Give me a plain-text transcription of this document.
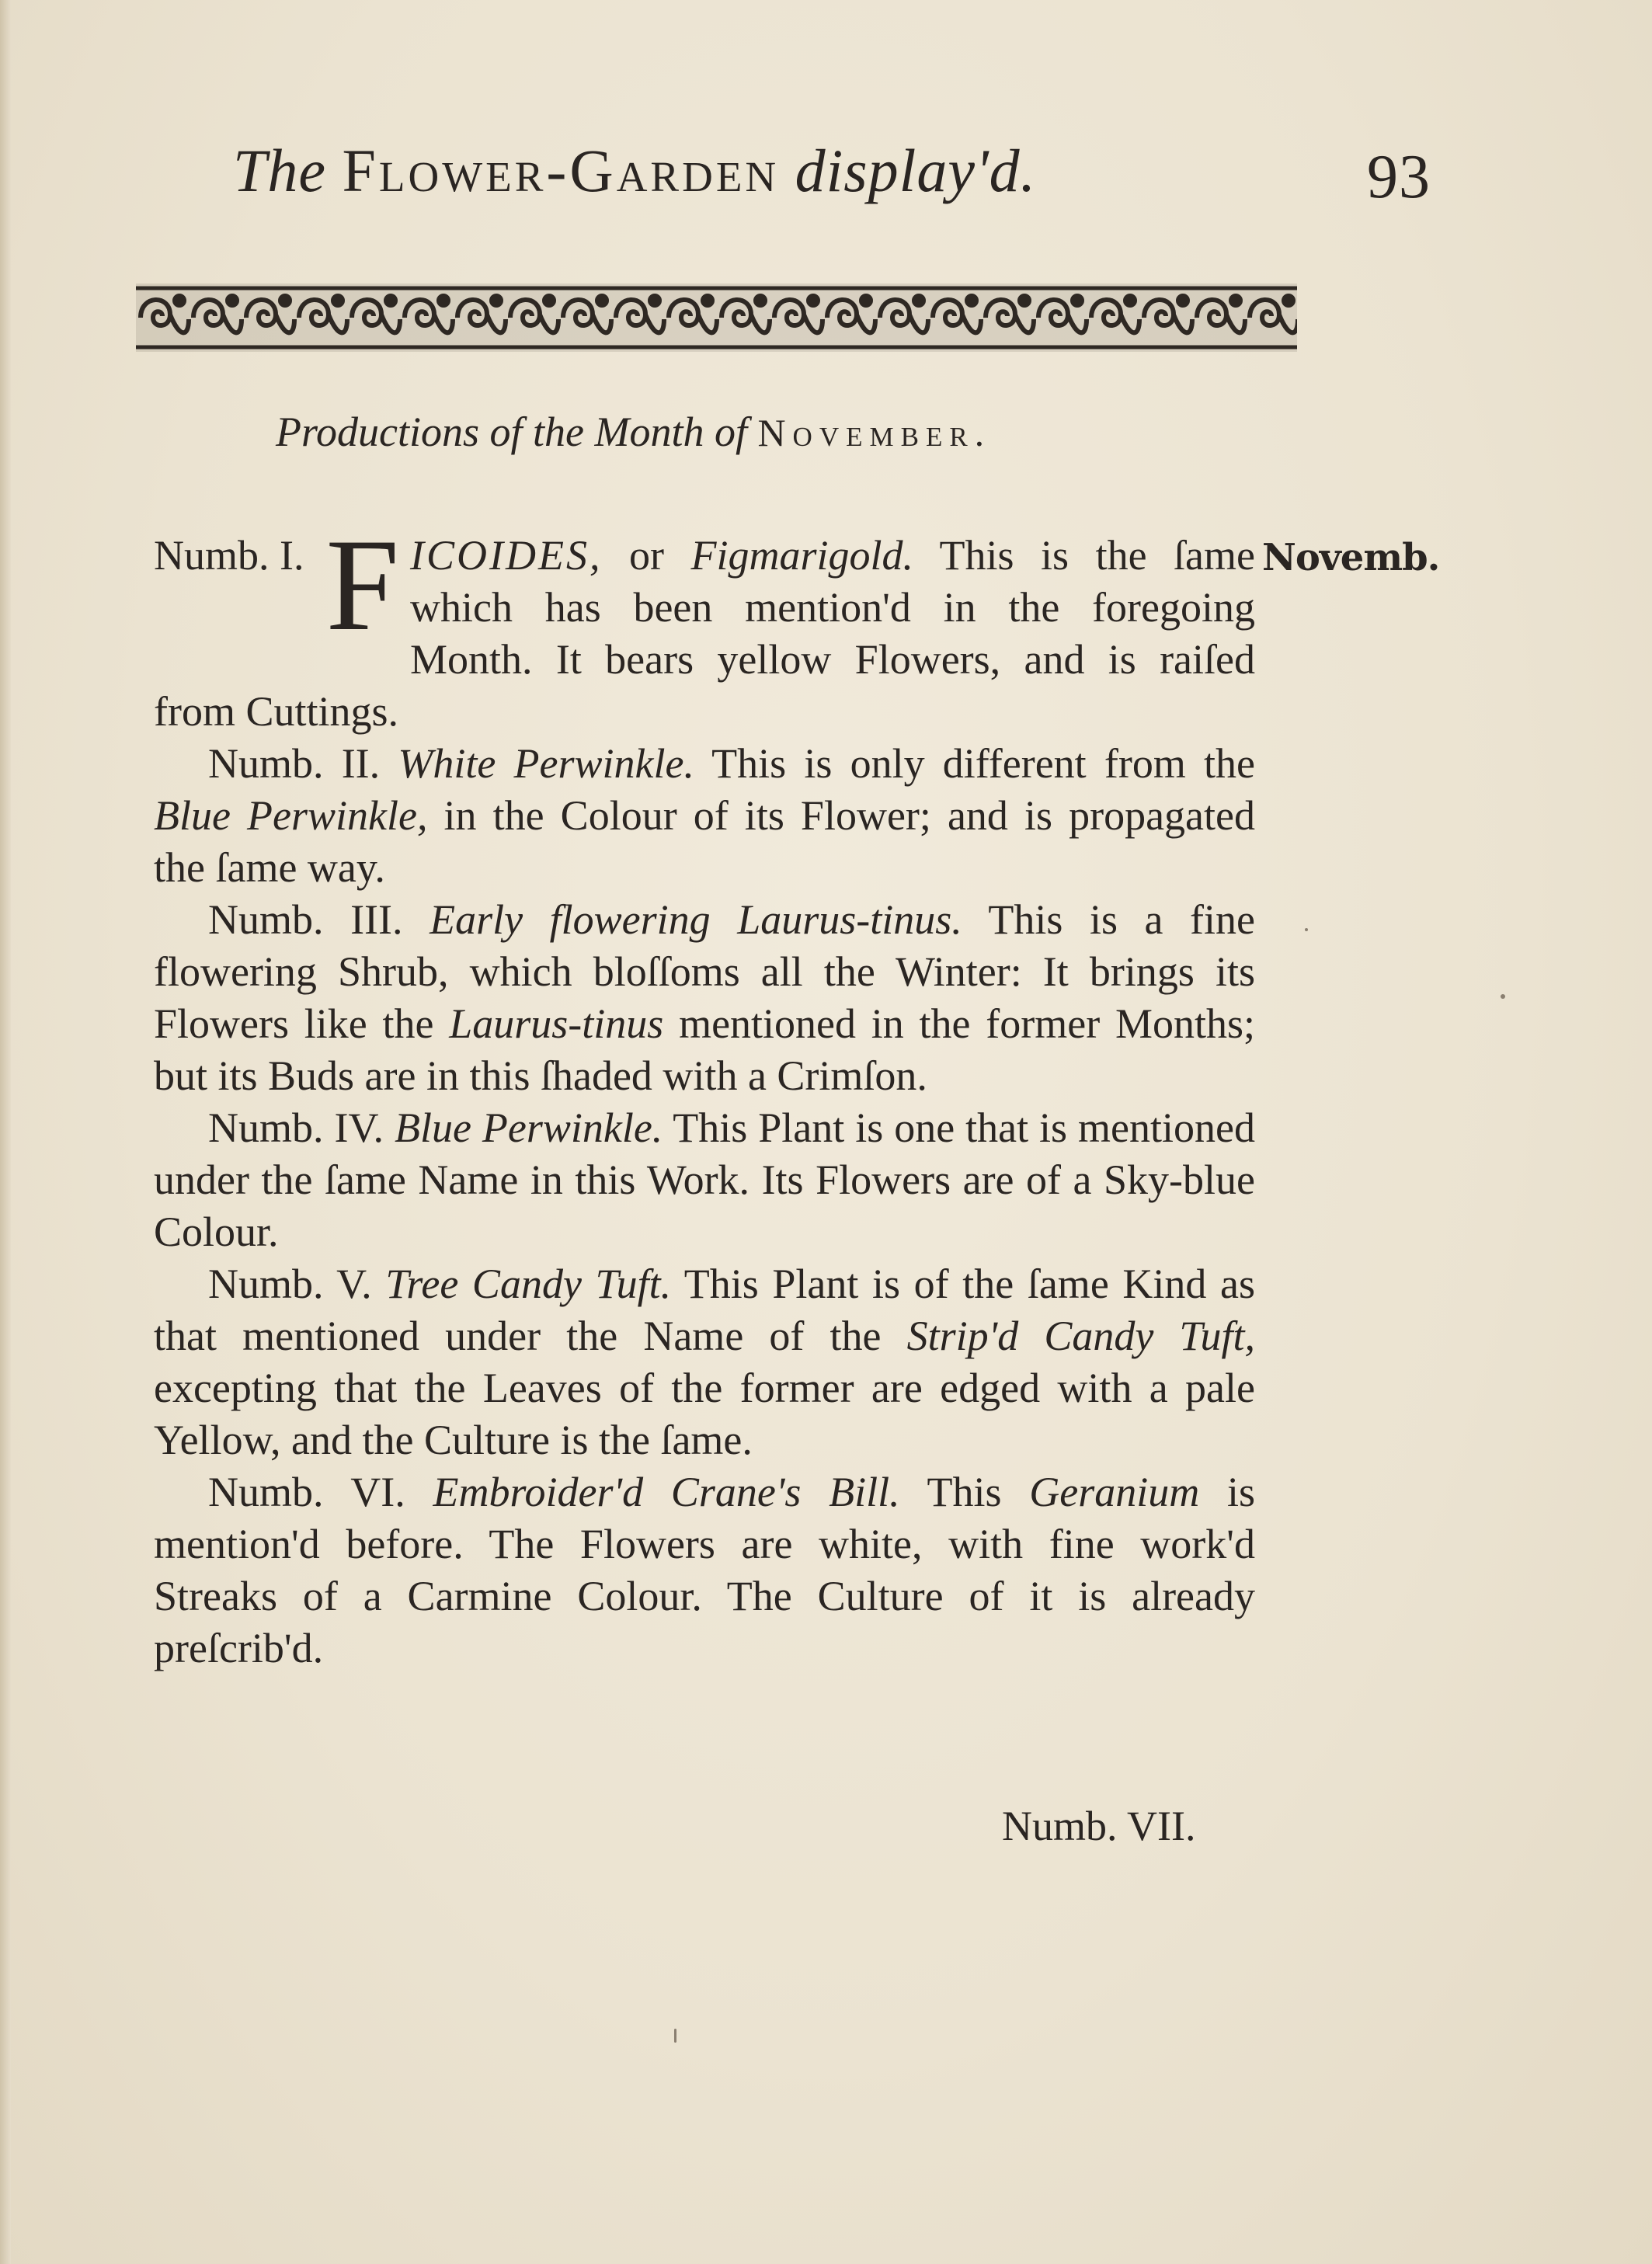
The Flower-Garden display'd.	93
Productions of the Month of November.
Novemb.

Numb. I. F ICOIDES, or Figmarigold. This is the ſame which has been mention'd in the foregoing Month. It bears yellow Flowers, and is raiſed from Cuttings.

Numb. II. White Perwinkle. This is only different from the Blue Perwinkle, in the Colour of its Flower; and is propagated the ſame way.

Numb. III. Early flowering Laurus-tinus. This is a fine flowering Shrub, which bloſſoms all the Winter: It brings its Flowers like the Laurus-tinus mentioned in the former Months; but its Buds are in this ſhaded with a Crimſon.

Numb. IV. Blue Perwinkle. This Plant is one that is mentioned under the ſame Name in this Work. Its Flowers are of a Sky-blue Colour.

Numb. V. Tree Candy Tuft. This Plant is of the ſame Kind as that mentioned under the Name of the Strip'd Candy Tuft, excepting that the Leaves of the former are edged with a pale Yellow, and the Culture is the ſame.

Numb. VI. Embroider'd Crane's Bill. This Geranium is mention'd before. The Flowers are white, with fine work'd Streaks of a Carmine Colour. The Culture of it is already preſcrib'd.

Numb. VII.
